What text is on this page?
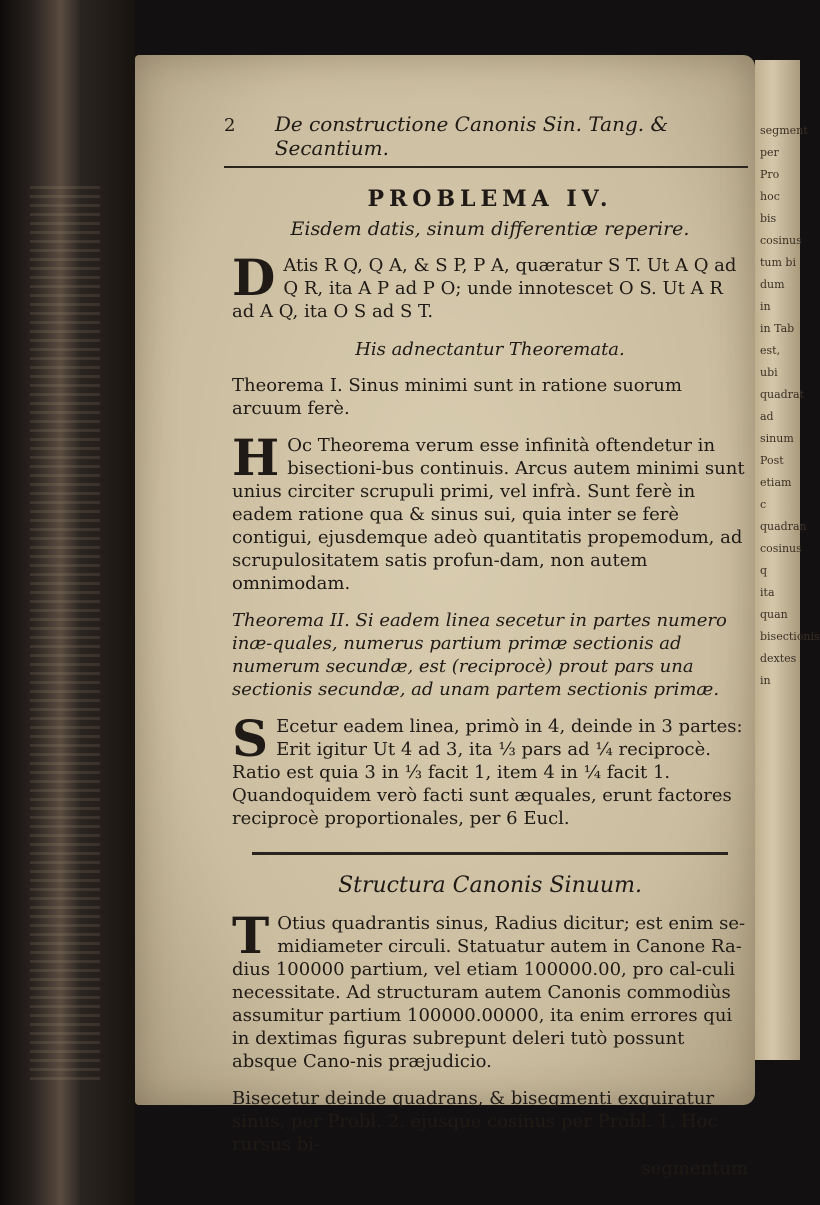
segment
per Pro
hoc bis
cosinus
tum bi
dum in
in Tab
est, ubi
quadrat
ad sinum
Post
etiam c
quadran
cosinus q
ita quan
bisectionis
dextes in
2	De constructione Canonis Sin. Tang. & Secantium.
PROBLEMA IV.
Eisdem datis, sinum differentiæ reperire.
D Atis R Q, Q A, & S P, P A, quæratur S T. Ut A Q ad Q R, ita A P ad P O; unde innotescet O S. Ut A R ad A Q, ita O S ad S T.
His adnectantur Theoremata.

Theorema I. Sinus minimi sunt in ratione suorum arcuum ferè.

H Oc Theorema verum esse infinità oftendetur in bisectioni-bus continuis. Arcus autem minimi sunt unius circiter scrupuli primi, vel infrà. Sunt ferè in eadem ratione qua & sinus sui, quia inter se ferè contigui, ejusdemque adeò quantitatis propemodum, ad scrupulositatem satis profun-dam, non autem omnimodam.

Theorema II. Si eadem linea secetur in partes numero inæ-quales, numerus partium primæ sectionis ad numerum secundæ, est (reciprocè) prout pars una sectionis secundæ, ad unam partem sectionis primæ.

S Ecetur eadem linea, primò in 4, deinde in 3 partes: Erit igitur Ut 4 ad 3, ita ⅓ pars ad ¼ reciprocè. Ratio est quia 3 in ⅓ facit 1, item 4 in ¼ facit 1. Quandoquidem verò facti sunt æquales, erunt factores reciprocè proportionales, per 6 Eucl.
Structura Canonis Sinuum.
T Otius quadrantis sinus, Radius dicitur; est enim se-midiameter circuli. Statuatur autem in Canone Ra-dius 100000 partium, vel etiam 100000.00, pro cal-culi necessitate. Ad structuram autem Canonis commodiùs assumitur partium 100000.00000, ita enim errores qui in dextimas figuras subrepunt deleri tutò possunt absque Cano-nis præjudicio.

Bisecetur deinde quadrans, & bisegmenti exquiratur sinus, per Probl. 2. ejusque cosinus per Probl. 1. Hoc rursus bi-

segmentum
